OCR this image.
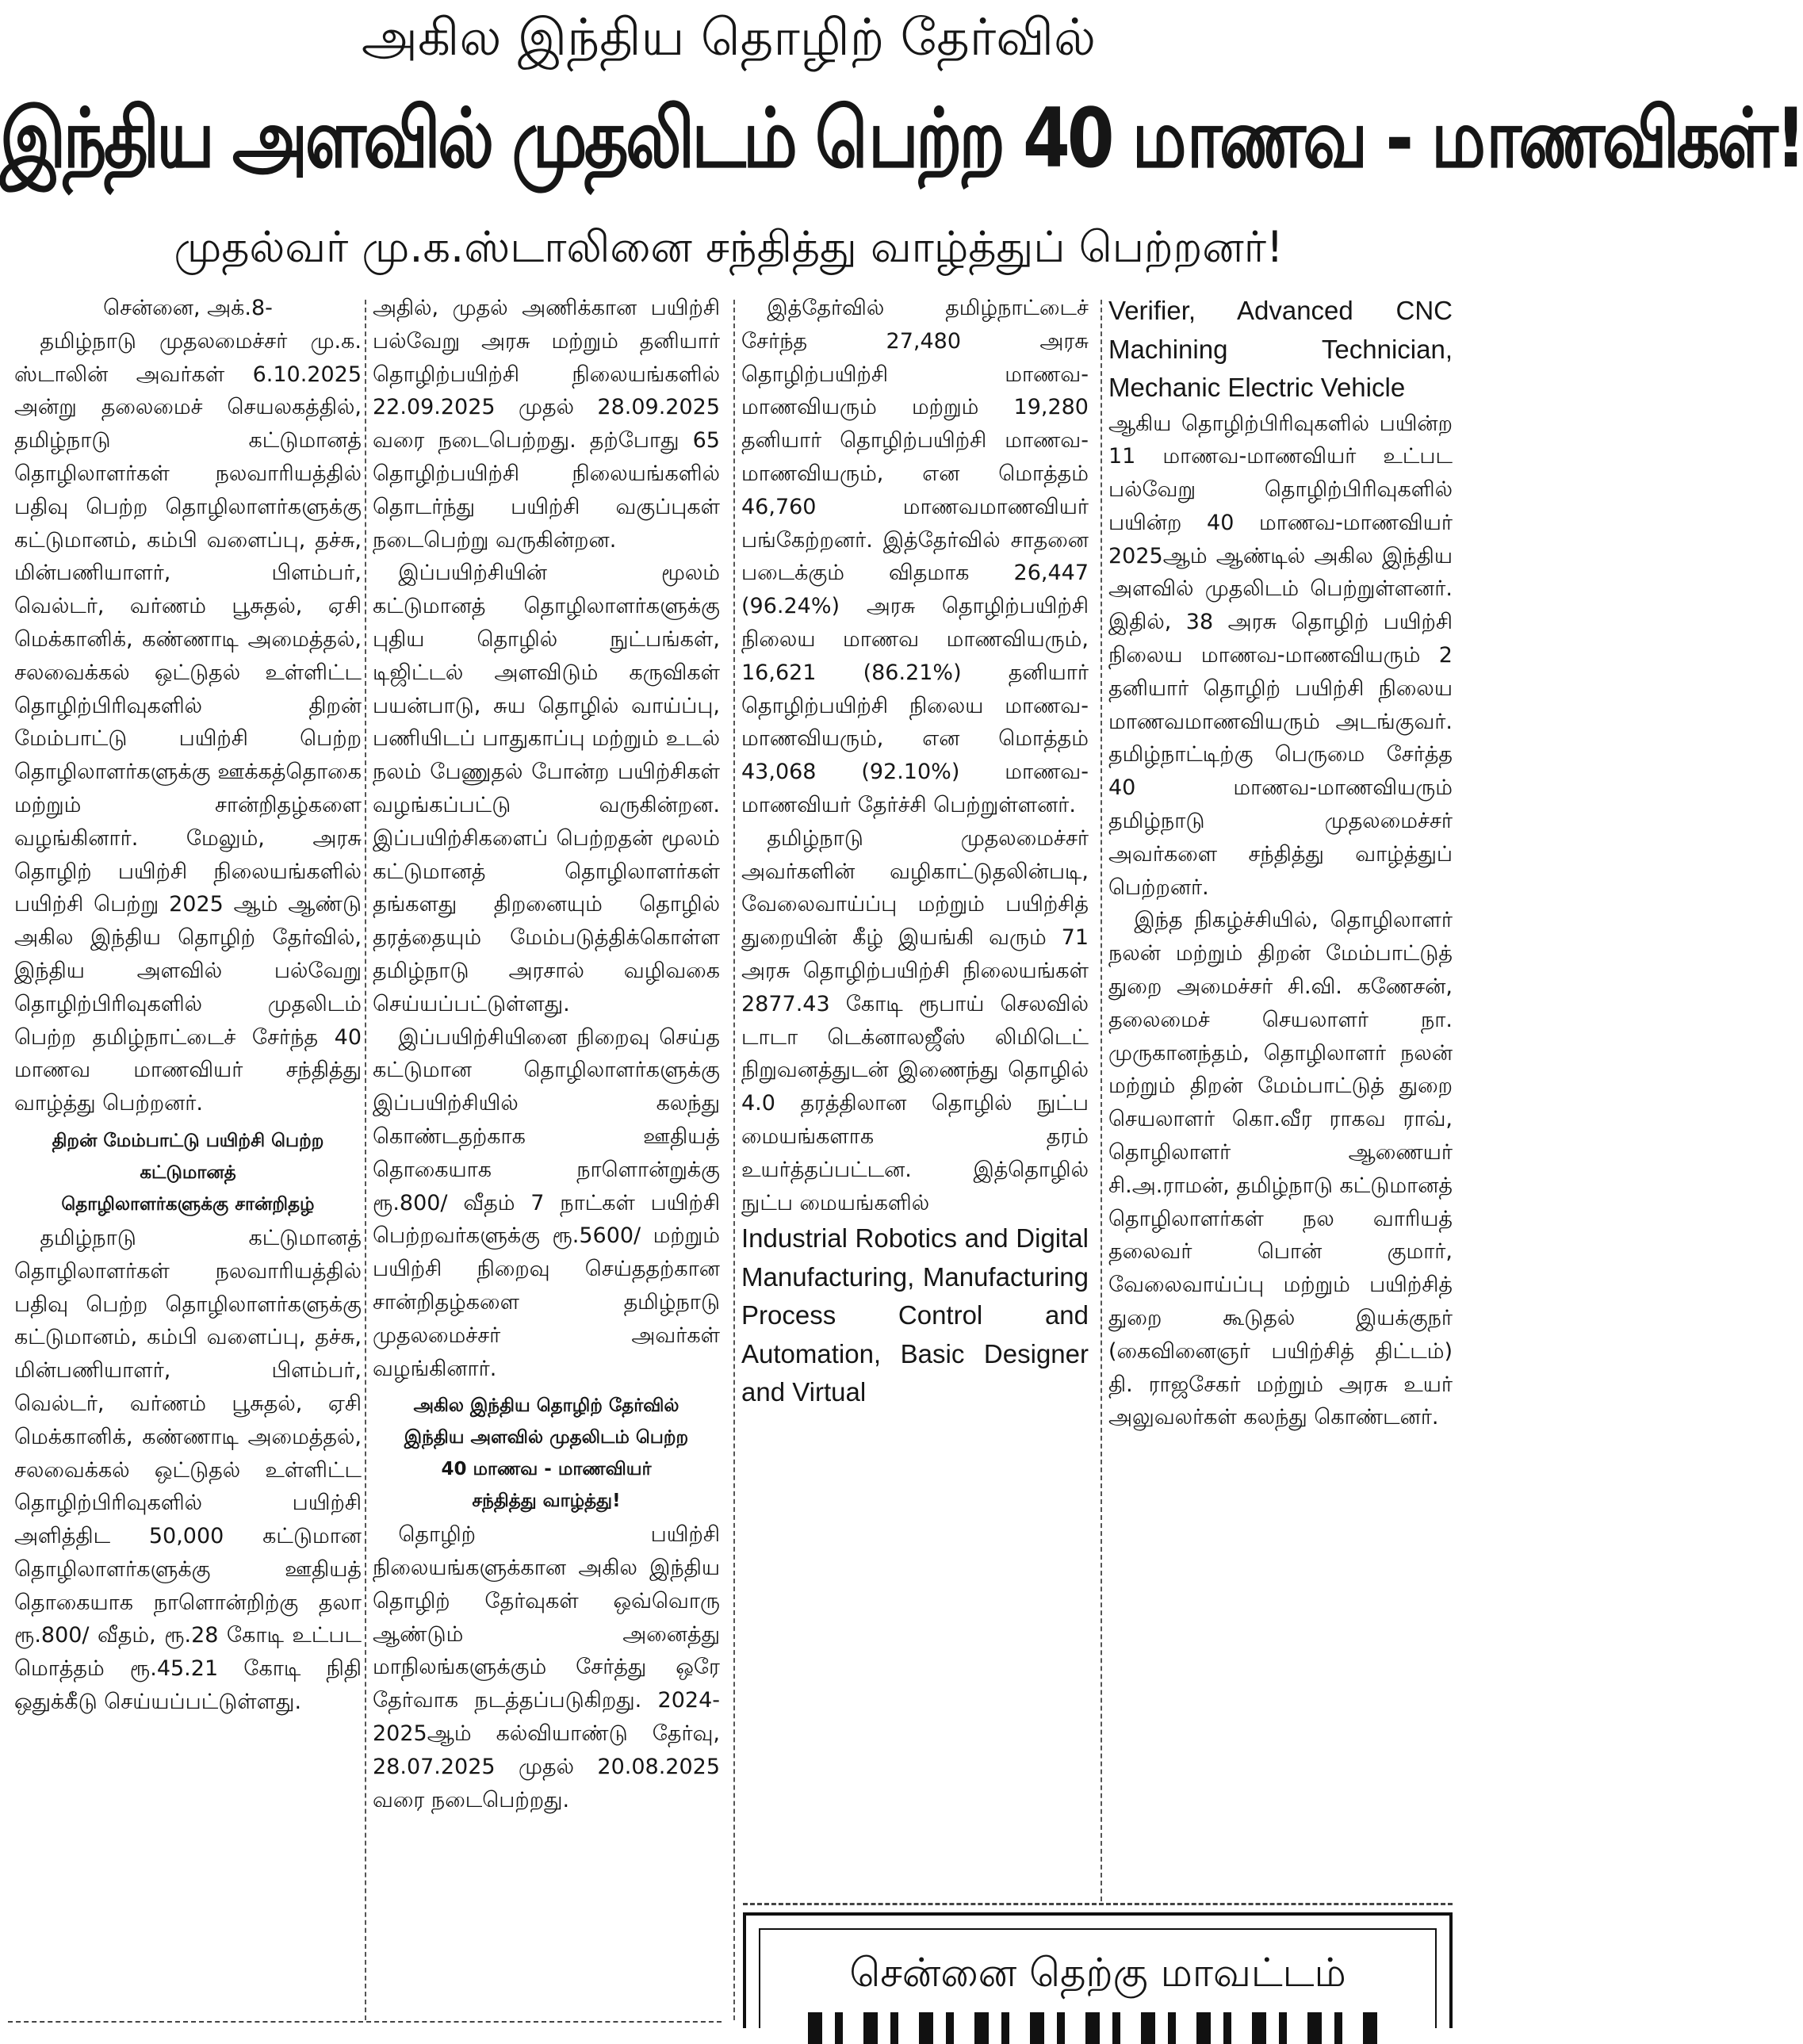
அகில இந்திய தொழிற் தேர்வில்
இந்திய அளவில் முதலிடம் பெற்ற 40 மாணவ - மாணவிகள்!
முதல்வர் மு.க.ஸ்டாலினை சந்தித்து வாழ்த்துப் பெற்றனர்!

சென்னை, அக்.8-

தமிழ்நாடு முதலமைச்சர் மு.க. ஸ்டாலின் அவர்கள் 6.10.2025 அன்று தலைமைச் செயலகத்தில், தமிழ்நாடு கட்டுமானத் தொழிலாளர்கள் நலவாரியத்தில் பதிவு பெற்ற தொழிலாளர்களுக்கு கட்டுமானம், கம்பி வளைப்பு, தச்சு, மின்பணியாளர், பிளம்பர், வெல்டர், வர்ணம் பூசுதல், ஏசி மெக்கானிக், கண்ணாடி அமைத்தல், சலவைக்கல் ஒட்டுதல் உள்ளிட்ட தொழிற்பிரிவுகளில் திறன் மேம்பாட்டு பயிற்சி பெற்ற தொழிலாளர்களுக்கு ஊக்கத்தொகை மற்றும் சான்றிதழ்களை வழங்கினார். மேலும், அரசு தொழிற் பயிற்சி நிலையங்களில் பயிற்சி பெற்று 2025 ஆம் ஆண்டு அகில இந்திய தொழிற் தேர்வில், இந்திய அளவில் பல்வேறு தொழிற்பிரிவுகளில் முதலிடம் பெற்ற தமிழ்நாட்டைச் சேர்ந்த 40 மாணவ மாணவியர் சந்தித்து வாழ்த்து பெற்றனர்.

திறன் மேம்பாட்டு பயிற்சி பெற்ற கட்டுமானத்
தொழிலாளர்களுக்கு சான்றிதழ்

தமிழ்நாடு கட்டுமானத் தொழிலாளர்கள் நலவாரியத்தில் பதிவு பெற்ற தொழிலாளர்களுக்கு கட்டுமானம், கம்பி வளைப்பு, தச்சு, மின்பணியாளர், பிளம்பர், வெல்டர், வர்ணம் பூசுதல், ஏசி மெக்கானிக், கண்ணாடி அமைத்தல், சலவைக்கல் ஒட்டுதல் உள்ளிட்ட தொழிற்பிரிவுகளில் பயிற்சி அளித்திட 50,000 கட்டுமான தொழிலாளர்களுக்கு ஊதியத் தொகையாக நாளொன்றிற்கு தலா ரூ.800/ வீதம், ரூ.28 கோடி உட்பட மொத்தம் ரூ.45.21 கோடி நிதி ஒதுக்கீடு செய்யப்பட்டுள்ளது.

அதில், முதல் அணிக்கான பயிற்சி பல்வேறு அரசு மற்றும் தனியார் தொழிற்பயிற்சி நிலையங்களில் 22.09.2025 முதல் 28.09.2025 வரை நடைபெற்றது. தற்போது 65 தொழிற்பயிற்சி நிலையங்களில் தொடர்ந்து பயிற்சி வகுப்புகள் நடைபெற்று வருகின்றன.

இப்பயிற்சியின் மூலம் கட்டுமானத் தொழிலாளர்களுக்கு புதிய தொழில் நுட்பங்கள், டிஜிட்டல் அளவிடும் கருவிகள் பயன்பாடு, சுய தொழில் வாய்ப்பு, பணியிடப் பாதுகாப்பு மற்றும் உடல் நலம் பேணுதல் போன்ற பயிற்சிகள் வழங்கப்பட்டு வருகின்றன. இப்பயிற்சிகளைப் பெற்றதன் மூலம் கட்டுமானத் தொழிலாளர்கள் தங்களது திறனையும் தொழில் தரத்தையும் மேம்படுத்திக்கொள்ள தமிழ்நாடு அரசால் வழிவகை செய்யப்பட்டுள்ளது.

இப்பயிற்சியினை நிறைவு செய்த கட்டுமான தொழிலாளர்களுக்கு இப்பயிற்சியில் கலந்து கொண்டதற்காக ஊதியத் தொகையாக நாளொன்றுக்கு ரூ.800/ வீதம் 7 நாட்கள் பயிற்சி பெற்றவர்களுக்கு ரூ.5600/ மற்றும் பயிற்சி நிறைவு செய்ததற்கான சான்றிதழ்களை தமிழ்நாடு முதலமைச்சர் அவர்கள் வழங்கினார்.

அகில இந்திய தொழிற் தேர்வில்
இந்திய அளவில் முதலிடம் பெற்ற
40 மாணவ - மாணவியர்
சந்தித்து வாழ்த்து!

தொழிற் பயிற்சி நிலையங்களுக்கான அகில இந்திய தொழிற் தேர்வுகள் ஒவ்வொரு ஆண்டும் அனைத்து மாநிலங்களுக்கும் சேர்த்து ஒரே தேர்வாக நடத்தப்படுகிறது. 2024-2025ஆம் கல்வியாண்டு தேர்வு, 28.07.2025 முதல் 20.08.2025 வரை நடைபெற்றது.

இத்தேர்வில் தமிழ்நாட்டைச் சேர்ந்த 27,480 அரசு தொழிற்பயிற்சி மாணவ-மாணவியரும் மற்றும் 19,280 தனியார் தொழிற்பயிற்சி மாணவ-மாணவியரும், என மொத்தம் 46,760 மாணவமாணவியர் பங்கேற்றனர். இத்தேர்வில் சாதனை படைக்கும் விதமாக 26,447 (96.24%) அரசு தொழிற்பயிற்சி நிலைய மாணவ மாணவியரும், 16,621 (86.21%) தனியார் தொழிற்பயிற்சி நிலைய மாணவ-மாணவியரும், என மொத்தம் 43,068 (92.10%) மாணவ-மாணவியர் தேர்ச்சி பெற்றுள்ளனர்.

தமிழ்நாடு முதலமைச்சர் அவர்களின் வழிகாட்டுதலின்படி, வேலைவாய்ப்பு மற்றும் பயிற்சித் துறையின் கீழ் இயங்கி வரும் 71 அரசு தொழிற்பயிற்சி நிலையங்கள் 2877.43 கோடி ரூபாய் செலவில் டாடா டெக்னாலஜீஸ் லிமிடெட் நிறுவனத்துடன் இணைந்து தொழில் 4.0 தரத்திலான தொழில் நுட்ப மையங்களாக தரம் உயர்த்தப்பட்டன. இத்தொழில் நுட்ப மையங்களில்

Industrial Robotics and Digital Manufacturing, Manufacturing Process Control and Automation, Basic Designer and Virtual

Verifier, Advanced CNC Machining Technician, Mechanic Electric Vehicle

ஆகிய தொழிற்பிரிவுகளில் பயின்ற 11 மாணவ-மாணவியர் உட்பட பல்வேறு தொழிற்பிரிவுகளில் பயின்ற 40 மாணவ-மாணவியர் 2025ஆம் ஆண்டில் அகில இந்திய அளவில் முதலிடம் பெற்றுள்ளனர். இதில், 38 அரசு தொழிற் பயிற்சி நிலைய மாணவ-மாணவியரும் 2 தனியார் தொழிற் பயிற்சி நிலைய மாணவமாணவியரும் அடங்குவர். தமிழ்நாட்டிற்கு பெருமை சேர்த்த 40 மாணவ-மாணவியரும் தமிழ்நாடு முதலமைச்சர் அவர்களை சந்தித்து வாழ்த்துப் பெற்றனர்.

இந்த நிகழ்ச்சியில், தொழிலாளர் நலன் மற்றும் திறன் மேம்பாட்டுத் துறை அமைச்சர் சி.வி. கணேசன், தலைமைச் செயலாளர் நா. முருகானந்தம், தொழிலாளர் நலன் மற்றும் திறன் மேம்பாட்டுத் துறை செயலாளர் கொ.வீர ராகவ ராவ், தொழிலாளர் ஆணையர் சி.அ.ராமன், தமிழ்நாடு கட்டுமானத் தொழிலாளர்கள் நல வாரியத் தலைவர் பொன் குமார், வேலைவாய்ப்பு மற்றும் பயிற்சித் துறை கூடுதல் இயக்குநர் (கைவினைஞர் பயிற்சித் திட்டம்) தி. ராஜசேகர் மற்றும் அரசு உயர் அலுவலர்கள் கலந்து கொண்டனர்.

சென்னை தெற்கு மாவட்டம்
